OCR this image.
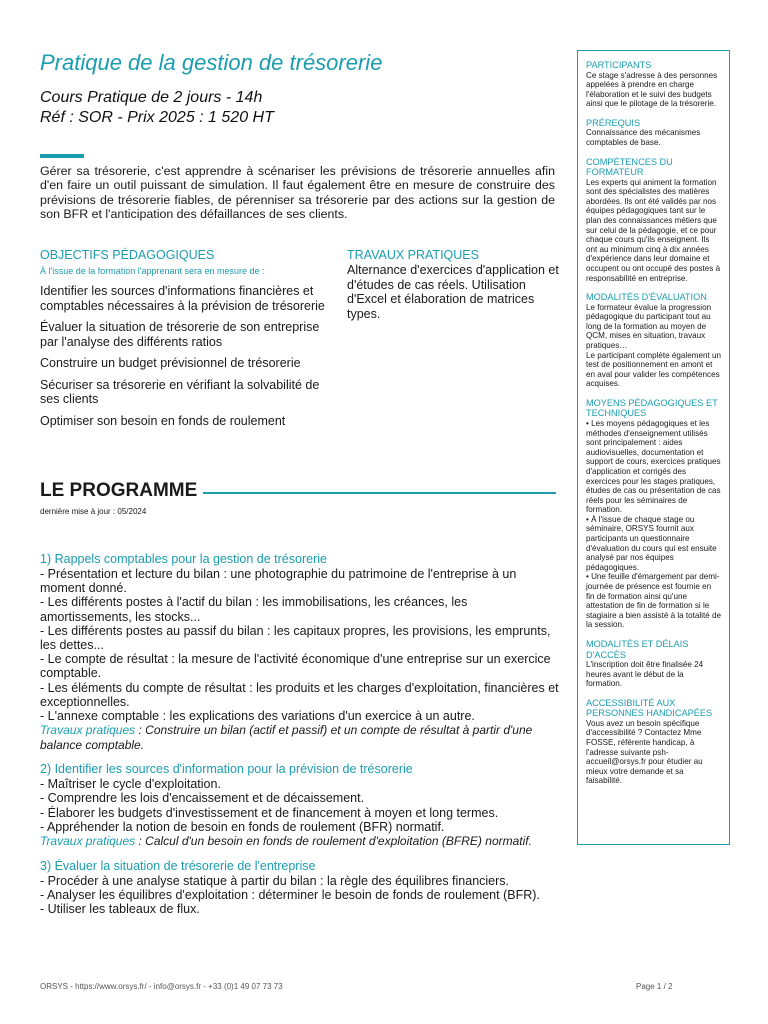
Pratique de la gestion de trésorerie
Cours Pratique de 2 jours - 14h
Réf : SOR - Prix 2025 : 1 520 HT
Gérer sa trésorerie, c'est apprendre à scénariser les prévisions de trésorerie annuelles afin d'en faire un outil puissant de simulation. Il faut également être en mesure de construire des prévisions de trésorerie fiables, de pérenniser sa trésorerie par des actions sur la gestion de son BFR et l'anticipation des défaillances de ses clients.
OBJECTIFS PÉDAGOGIQUES
À l'issue de la formation l'apprenant sera en mesure de :
Identifier les sources d'informations financières et comptables nécessaires à la prévision de trésorerie
Évaluer la situation de trésorerie de son entreprise par l'analyse des différents ratios
Construire un budget prévisionnel de trésorerie
Sécuriser sa trésorerie en vérifiant la solvabilité de ses clients
Optimiser son besoin en fonds de roulement
TRAVAUX PRATIQUES
Alternance d'exercices d'application et d'études de cas réels. Utilisation d'Excel et élaboration de matrices types.
LE PROGRAMME
dernière mise à jour : 05/2024
1) Rappels comptables pour la gestion de trésorerie
- Présentation et lecture du bilan : une photographie du patrimoine de l'entreprise à un moment donné.
- Les différents postes à l'actif du bilan : les immobilisations, les créances, les amortissements, les stocks...
- Les différents postes au passif du bilan : les capitaux propres, les provisions, les emprunts, les dettes...
- Le compte de résultat : la mesure de l'activité économique d'une entreprise sur un exercice comptable.
- Les éléments du compte de résultat : les produits et les charges d'exploitation, financières et exceptionnelles.
- L'annexe comptable : les explications des variations d'un exercice à un autre.
Travaux pratiques : Construire un bilan (actif et passif) et un compte de résultat à partir d'une balance comptable.
2) Identifier les sources d'information pour la prévision de trésorerie
- Maîtriser le cycle d'exploitation.
- Comprendre les lois d'encaissement et de décaissement.
- Élaborer les budgets d'investissement et de financement à moyen et long termes.
- Appréhender la notion de besoin en fonds de roulement (BFR) normatif.
Travaux pratiques : Calcul d'un besoin en fonds de roulement d'exploitation (BFRE) normatif.
3) Évaluer la situation de trésorerie de l'entreprise
- Procéder à une analyse statique à partir du bilan : la règle des équilibres financiers.
- Analyser les équilibres d'exploitation : déterminer le besoin de fonds de roulement (BFR).
- Utiliser les tableaux de flux.
PARTICIPANTS
Ce stage s'adresse à des personnes appelées à prendre en charge l'élaboration et le suivi des budgets ainsi que le pilotage de la trésorerie.
PRÉREQUIS
Connaissance des mécanismes comptables de base.
COMPÉTENCES DU FORMATEUR
Les experts qui animent la formation sont des spécialistes des matières abordées. Ils ont été validés par nos équipes pédagogiques tant sur le plan des connaissances métiers que sur celui de la pédagogie, et ce pour chaque cours qu'ils enseignent. Ils ont au minimum cinq à dix années d'expérience dans leur domaine et occupent ou ont occupé des postes à responsabilité en entreprise.
MODALITÉS D'ÉVALUATION
Le formateur évalue la progression pédagogique du participant tout au long de la formation au moyen de QCM, mises en situation, travaux pratiques…
Le participant complète également un test de positionnement en amont et en aval pour valider les compétences acquises.
MOYENS PÉDAGOGIQUES ET TECHNIQUES
• Les moyens pédagogiques et les méthodes d'enseignement utilisés sont principalement : aides audiovisuelles, documentation et support de cours, exercices pratiques d'application et corrigés des exercices pour les stages pratiques, études de cas ou présentation de cas réels pour les séminaires de formation.
• À l'issue de chaque stage ou séminaire, ORSYS fournit aux participants un questionnaire d'évaluation du cours qui est ensuite analysé par nos équipes pédagogiques.
• Une feuille d'émargement par demi-journée de présence est fournie en fin de formation ainsi qu'une attestation de fin de formation si le stagiaire a bien assisté à la totalité de la session.
MODALITÉS ET DÉLAIS D'ACCÈS
L'inscription doit être finalisée 24 heures avant le début de la formation.
ACCESSIBILITÉ AUX PERSONNES HANDICAPÉES
Vous avez un besoin spécifique d'accessibilité ? Contactez Mme FOSSE, référente handicap, à l'adresse suivante psh-accueil@orsys.fr pour étudier au mieux votre demande et sa faisabilité.
ORSYS - https://www.orsys.fr/ - info@orsys.fr - +33 (0)1 49 07 73 73	Page 1 / 2
